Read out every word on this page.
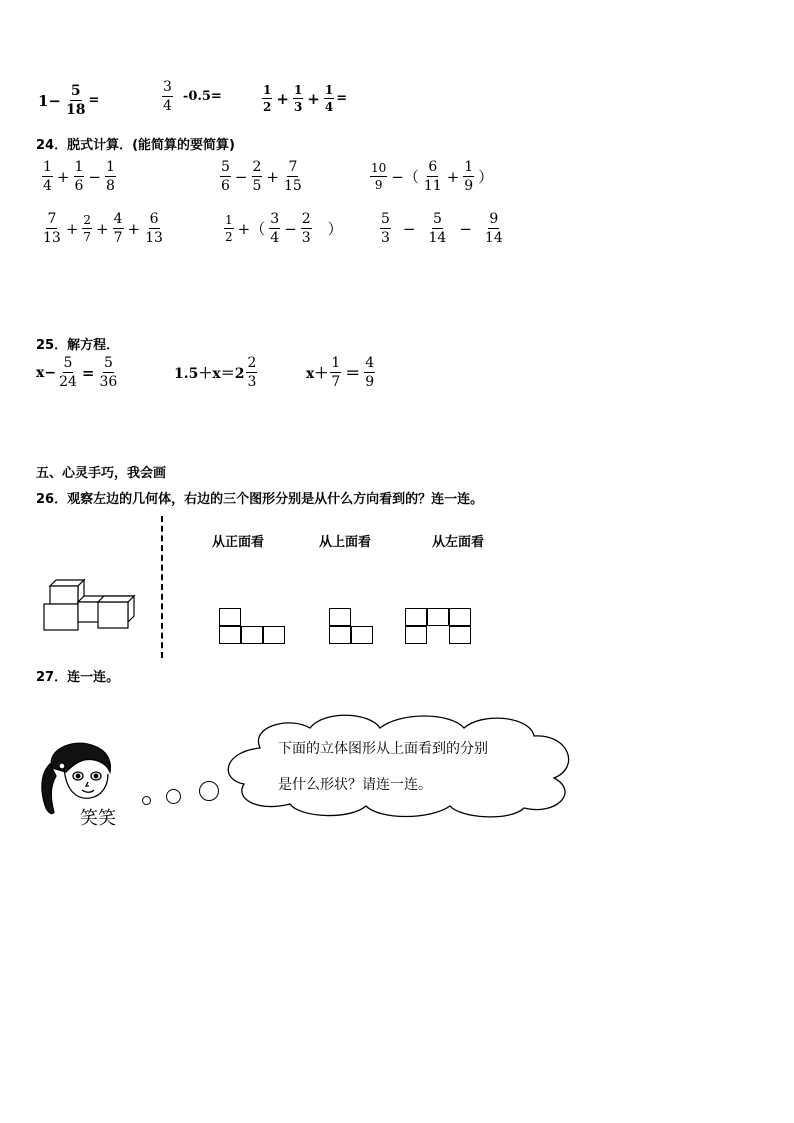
$1- \frac{5}{18}$ =	$\frac{3}{4} -0.5=$	$\frac{1}{2} + \frac{1}{3} + \frac{1}{4}$ =
24．脱式计算．(能简算的要简算)
$\frac{1}{4} + \frac{1}{6} - \frac{1}{8}$	$\frac{5}{6} - \frac{2}{5} + \frac{7}{15}$	$\frac{10}{9}$ −（ $\frac{6}{11} + \frac{1}{9}$ ）
$\frac{7}{13} + \frac{2}{7} + \frac{4}{7} + \frac{6}{13}$	$\frac{1}{2}$ +（ $\frac{3}{4} - \frac{2}{3}$ ）	$\frac{5}{3} - \frac{5}{14} - \frac{9}{14}$
25．解方程．
$x- \frac{5}{24} = \frac{5}{36}$	$1.5+x=2 \frac{2}{3}$	$x+ \frac{1}{7} = \frac{4}{9}$
五、心灵手巧，我会画
26．观察左边的几何体，右边的三个图形分别是从什么方向看到的？连一连。
从正面看	从上面看	从左面看
27．连一连。
笑笑
下面的立体图形从上面看到的分别
是什么形状？请连一连。
